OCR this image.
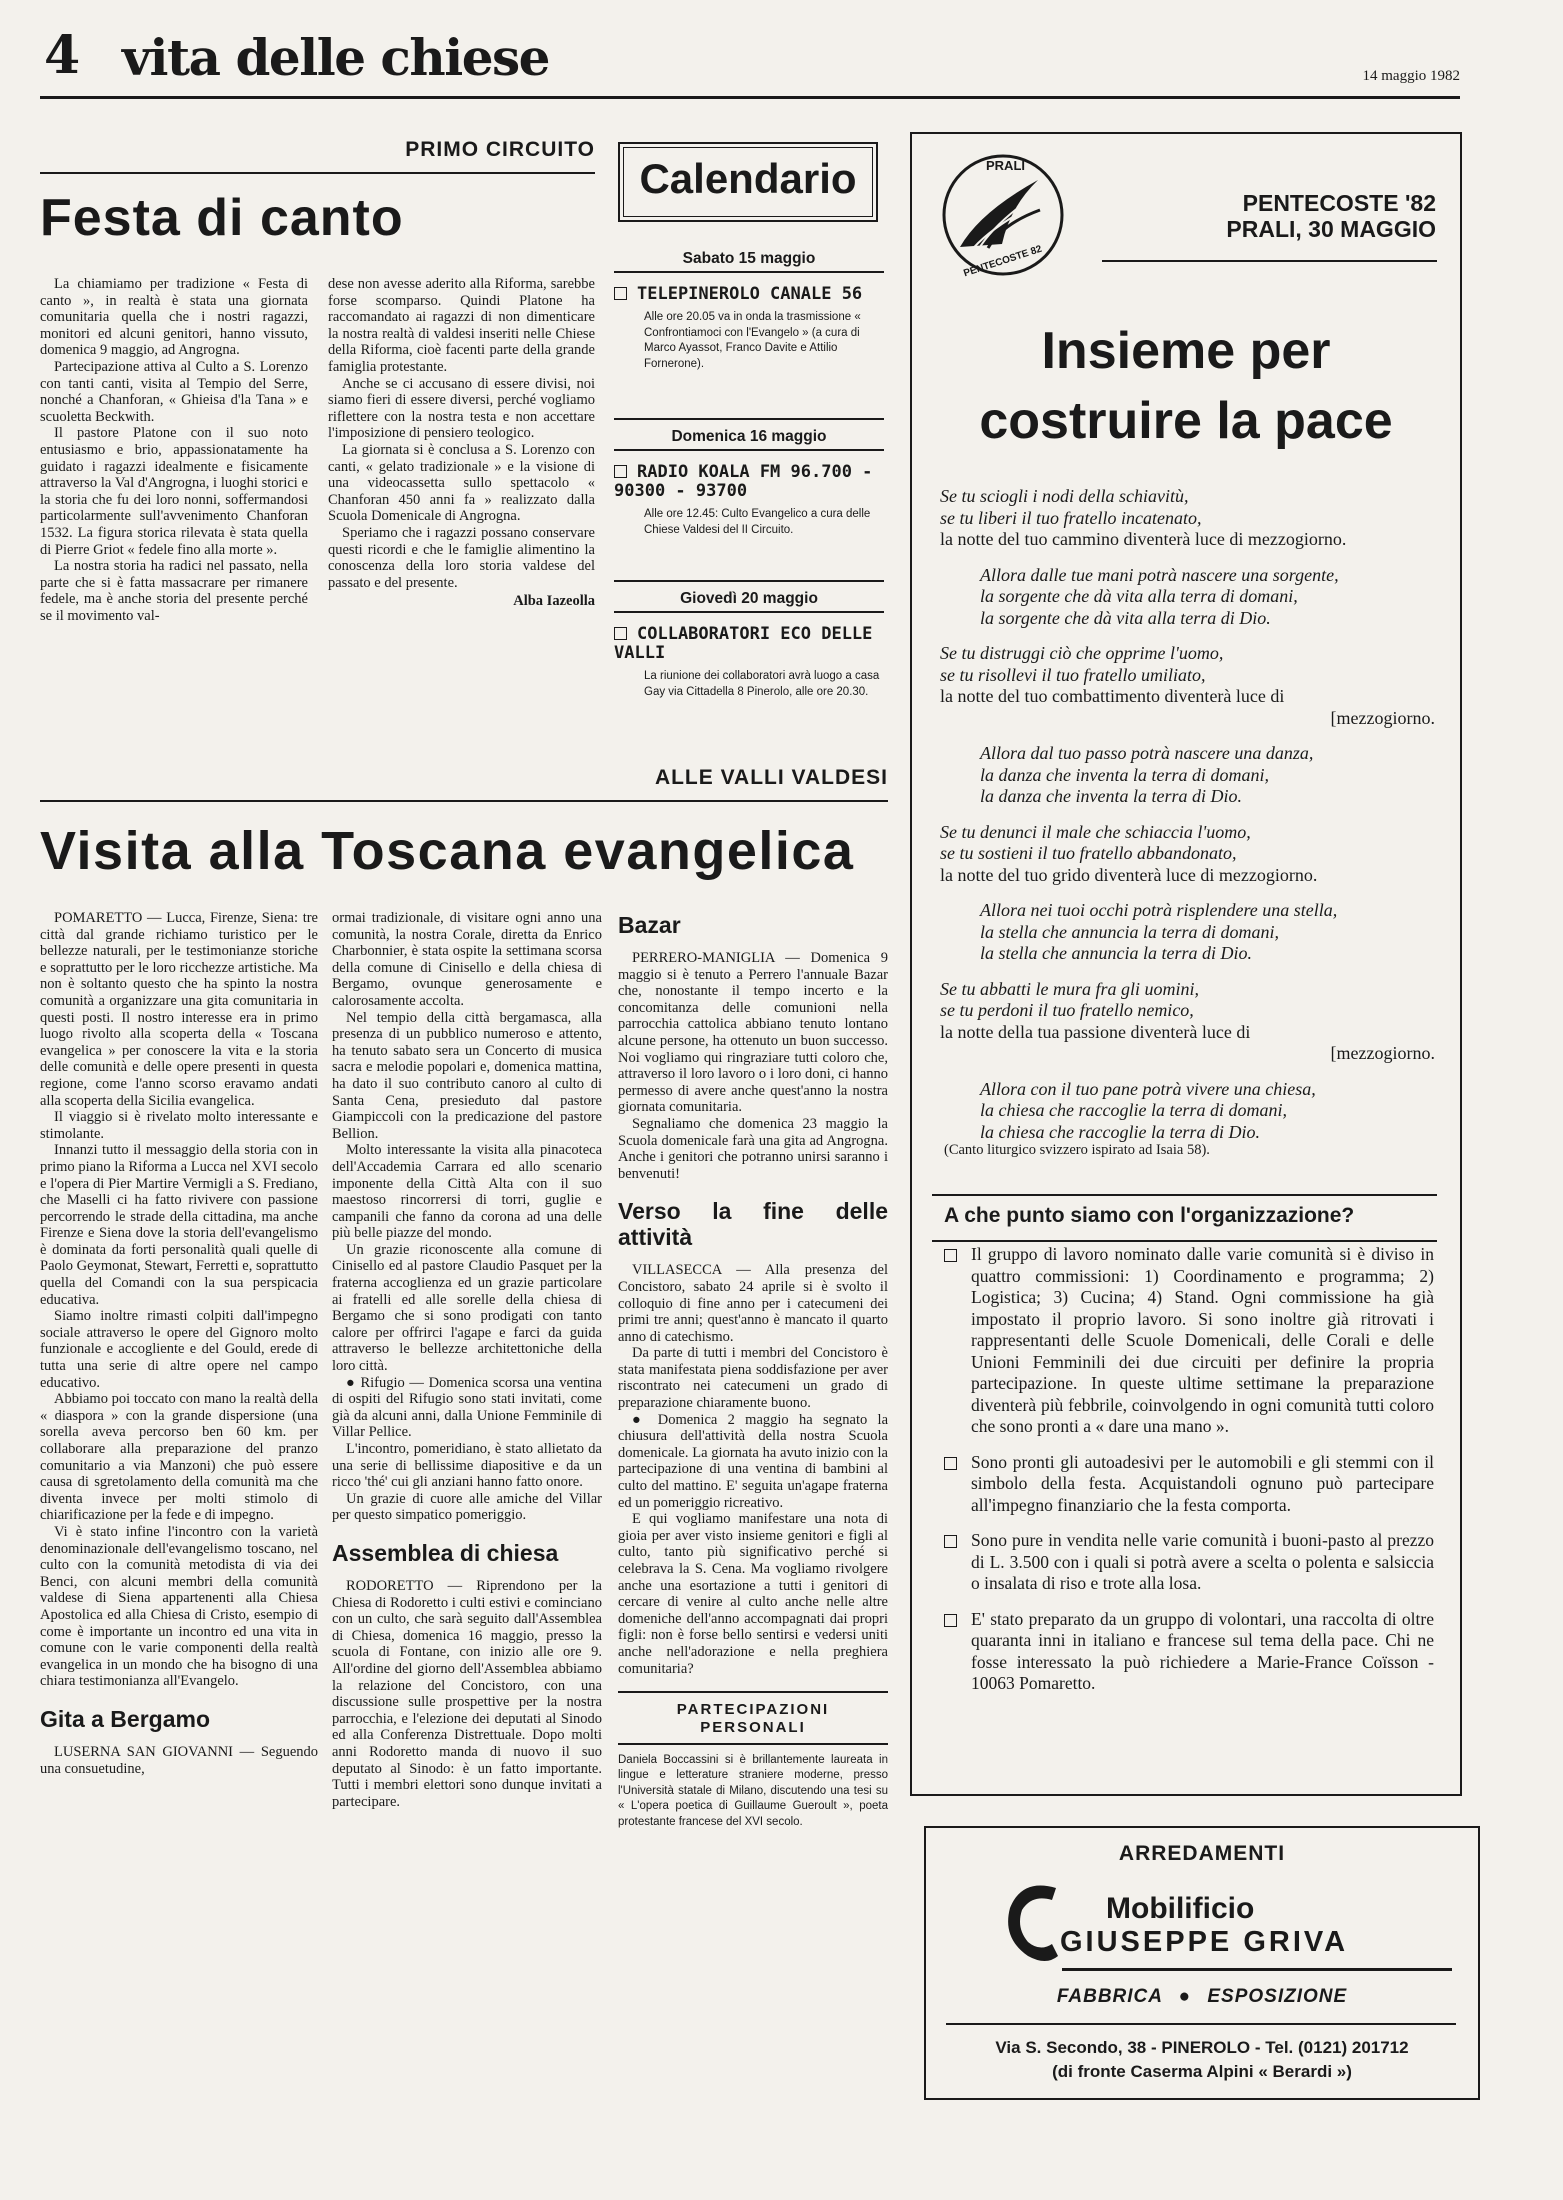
4 vita delle chiese	14 maggio 1982
PRIMO CIRCUITO
Festa di canto

La chiamiamo per tradizione « Festa di canto », in realtà è stata una giornata comunitaria quella che i nostri ragazzi, monitori ed alcuni genitori, hanno vissuto, domenica 9 maggio, ad Angrogna.

Partecipazione attiva al Culto a S. Lorenzo con tanti canti, visita al Tempio del Serre, nonché a Chanforan, « Ghieisa d'la Tana » e scuoletta Beckwith.

Il pastore Platone con il suo noto entusiasmo e brio, appassionatamente ha guidato i ragazzi idealmente e fisicamente attraverso la Val d'Angrogna, i luoghi storici e la storia che fu dei loro nonni, soffermandosi particolarmente sull'avvenimento Chanforan 1532. La figura storica rilevata è stata quella di Pierre Griot « fedele fino alla morte ».

La nostra storia ha radici nel passato, nella parte che si è fatta massacrare per rimanere fedele, ma è anche storia del presente perché se il movimento val-

dese non avesse aderito alla Riforma, sarebbe forse scomparso. Quindi Platone ha raccomandato ai ragazzi di non dimenticare la nostra realtà di valdesi inseriti nelle Chiese della Riforma, cioè facenti parte della grande famiglia protestante.

Anche se ci accusano di essere divisi, noi siamo fieri di essere diversi, perché vogliamo riflettere con la nostra testa e non accettare l'imposizione di pensiero teologico.

La giornata si è conclusa a S. Lorenzo con canti, « gelato tradizionale » e la visione di una videocassetta sullo spettacolo « Chanforan 450 anni fa » realizzato dalla Scuola Domenicale di Angrogna.

Speriamo che i ragazzi possano conservare questi ricordi e che le famiglie alimentino la conoscenza della loro storia valdese del passato e del presente.

Alba Iazeolla
Calendario
Sabato 15 maggio
TELEPINEROLO CANALE 56
Alle ore 20.05 va in onda la trasmissione « Confrontiamoci con l'Evangelo » (a cura di Marco Ayassot, Franco Davite e Attilio Fornerone).
Domenica 16 maggio
RADIO KOALA FM 96.700 - 90300 - 93700
Alle ore 12.45: Culto Evangelico a cura delle Chiese Valdesi del II Circuito.
Giovedì 20 maggio
COLLABORATORI ECO DELLE VALLI
La riunione dei collaboratori avrà luogo a casa Gay via Cittadella 8 Pinerolo, alle ore 20.30.
ALLE VALLI VALDESI
Visita alla Toscana evangelica

POMARETTO — Lucca, Firenze, Siena: tre città dal grande richiamo turistico per le bellezze naturali, per le testimonianze storiche e soprattutto per le loro ricchezze artistiche. Ma non è soltanto questo che ha spinto la nostra comunità a organizzare una gita comunitaria in questi posti. Il nostro interesse era in primo luogo rivolto alla scoperta della « Toscana evangelica » per conoscere la vita e la storia delle comunità e delle opere presenti in questa regione, come l'anno scorso eravamo andati alla scoperta della Sicilia evangelica.

Il viaggio si è rivelato molto interessante e stimolante.

Innanzi tutto il messaggio della storia con in primo piano la Riforma a Lucca nel XVI secolo e l'opera di Pier Martire Vermigli a S. Frediano, che Maselli ci ha fatto rivivere con passione percorrendo le strade della cittadina, ma anche Firenze e Siena dove la storia dell'evangelismo è dominata da forti personalità quali quelle di Paolo Geymonat, Stewart, Ferretti e, soprattutto quella del Comandi con la sua perspicacia educativa.

Siamo inoltre rimasti colpiti dall'impegno sociale attraverso le opere del Gignoro molto funzionale e accogliente e del Gould, erede di tutta una serie di altre opere nel campo educativo.

Abbiamo poi toccato con mano la realtà della « diaspora » con la grande dispersione (una sorella aveva percorso ben 60 km. per collaborare alla preparazione del pranzo comunitario a via Manzoni) che può essere causa di sgretolamento della comunità ma che diventa invece per molti stimolo di chiarificazione per la fede e di impegno.

Vi è stato infine l'incontro con la varietà denominazionale dell'evangelismo toscano, nel culto con la comunità metodista di via dei Benci, con alcuni membri della comunità valdese di Siena appartenenti alla Chiesa Apostolica ed alla Chiesa di Cristo, esempio di come è importante un incontro ed una vita in comune con le varie componenti della realtà evangelica in un mondo che ha bisogno di una chiara testimonianza all'Evangelo.

Gita a Bergamo

LUSERNA SAN GIOVANNI — Seguendo una consuetudine,

ormai tradizionale, di visitare ogni anno una comunità, la nostra Corale, diretta da Enrico Charbonnier, è stata ospite la settimana scorsa della comune di Cinisello e della chiesa di Bergamo, ovunque generosamente e calorosamente accolta.

Nel tempio della città bergamasca, alla presenza di un pubblico numeroso e attento, ha tenuto sabato sera un Concerto di musica sacra e melodie popolari e, domenica mattina, ha dato il suo contributo canoro al culto di Santa Cena, presieduto dal pastore Giampiccoli con la predicazione del pastore Bellion.

Molto interessante la visita alla pinacoteca dell'Accademia Carrara ed allo scenario imponente della Città Alta con il suo maestoso rincorrersi di torri, guglie e campanili che fanno da corona ad una delle più belle piazze del mondo.

Un grazie riconoscente alla comune di Cinisello ed al pastore Claudio Pasquet per la fraterna accoglienza ed un grazie particolare ai fratelli ed alle sorelle della chiesa di Bergamo che si sono prodigati con tanto calore per offrirci l'agape e farci da guida attraverso le bellezze architettoniche della loro città.

● Rifugio — Domenica scorsa una ventina di ospiti del Rifugio sono stati invitati, come già da alcuni anni, dalla Unione Femminile di Villar Pellice.

L'incontro, pomeridiano, è stato allietato da una serie di bellissime diapositive e da un ricco 'thé' cui gli anziani hanno fatto onore.

Un grazie di cuore alle amiche del Villar per questo simpatico pomeriggio.

Assemblea di chiesa

RODORETTO — Riprendono per la Chiesa di Rodoretto i culti estivi e cominciano con un culto, che sarà seguito dall'Assemblea di Chiesa, domenica 16 maggio, presso la scuola di Fontane, con inizio alle ore 9. All'ordine del giorno dell'Assemblea abbiamo la relazione del Concistoro, con una discussione sulle prospettive per la nostra parrocchia, e l'elezione dei deputati al Sinodo ed alla Conferenza Distrettuale. Dopo molti anni Rodoretto manda di nuovo il suo deputato al Sinodo: è un fatto importante. Tutti i membri elettori sono dunque invitati a partecipare.

Bazar

PERRERO-MANIGLIA — Domenica 9 maggio si è tenuto a Perrero l'annuale Bazar che, nonostante il tempo incerto e la concomitanza delle comunioni nella parrocchia cattolica abbiano tenuto lontano alcune persone, ha ottenuto un buon successo. Noi vogliamo qui ringraziare tutti coloro che, attraverso il loro lavoro o i loro doni, ci hanno permesso di avere anche quest'anno la nostra giornata comunitaria.

Segnaliamo che domenica 23 maggio la Scuola domenicale farà una gita ad Angrogna. Anche i genitori che potranno unirsi saranno i benvenuti!

Verso la fine delle attività

VILLASECCA — Alla presenza del Concistoro, sabato 24 aprile si è svolto il colloquio di fine anno per i catecumeni dei primi tre anni; quest'anno è mancato il quarto anno di catechismo.

Da parte di tutti i membri del Concistoro è stata manifestata piena soddisfazione per aver riscontrato nei catecumeni un grado di preparazione chiaramente buono.

● Domenica 2 maggio ha segnato la chiusura dell'attività della nostra Scuola domenicale. La giornata ha avuto inizio con la partecipazione di una ventina di bambini al culto del mattino. E' seguita un'agape fraterna ed un pomeriggio ricreativo.

E qui vogliamo manifestare una nota di gioia per aver visto insieme genitori e figli al culto, tanto più significativo perché si celebrava la S. Cena. Ma vogliamo rivolgere anche una esortazione a tutti i genitori di cercare di venire al culto anche nelle altre domeniche dell'anno accompagnati dai propri figli: non è forse bello sentirsi e vedersi uniti anche nell'adorazione e nella preghiera comunitaria?

PARTECIPAZIONI PERSONALI
Daniela Boccassini si è brillantemente laureata in lingue e letterature straniere moderne, presso l'Università statale di Milano, discutendo una tesi su « L'opera poetica di Guillaume Gueroult », poeta protestante francese del XVI secolo.
PRALI
PENTECOSTE 82
PENTECOSTE '82
PRALI, 30 MAGGIO
Insieme per
costruire la pace
Se tu sciogli i nodi della schiavitù,
se tu liberi il tuo fratello incatenato,
la notte del tuo cammino diventerà luce di mezzogiorno.
Allora dalle tue mani potrà nascere una sorgente,
la sorgente che dà vita alla terra di domani,
la sorgente che dà vita alla terra di Dio.
Se tu distruggi ciò che opprime l'uomo,
se tu risollevi il tuo fratello umiliato,
la notte del tuo combattimento diventerà luce di
[mezzogiorno.
Allora dal tuo passo potrà nascere una danza,
la danza che inventa la terra di domani,
la danza che inventa la terra di Dio.
Se tu denunci il male che schiaccia l'uomo,
se tu sostieni il tuo fratello abbandonato,
la notte del tuo grido diventerà luce di mezzogiorno.
Allora nei tuoi occhi potrà risplendere una stella,
la stella che annuncia la terra di domani,
la stella che annuncia la terra di Dio.
Se tu abbatti le mura fra gli uomini,
se tu perdoni il tuo fratello nemico,
la notte della tua passione diventerà luce di
[mezzogiorno.
Allora con il tuo pane potrà vivere una chiesa,
la chiesa che raccoglie la terra di domani,
la chiesa che raccoglie la terra di Dio.
(Canto liturgico svizzero ispirato ad Isaia 58).
A che punto siamo con l'organizzazione?
Il gruppo di lavoro nominato dalle varie comunità si è diviso in quattro commissioni: 1) Coordinamento e programma; 2) Logistica; 3) Cucina; 4) Stand. Ogni commissione ha già impostato il proprio lavoro. Si sono inoltre già ritrovati i rappresentanti delle Scuole Domenicali, delle Corali e delle Unioni Femminili dei due circuiti per definire la propria partecipazione. In queste ultime settimane la preparazione diventerà più febbrile, coinvolgendo in ogni comunità tutti coloro che sono pronti a « dare una mano ».
Sono pronti gli autoadesivi per le automobili e gli stemmi con il simbolo della festa. Acquistandoli ognuno può partecipare all'impegno finanziario che la festa comporta.
Sono pure in vendita nelle varie comunità i buoni-pasto al prezzo di L. 3.500 con i quali si potrà avere a scelta o polenta e salsiccia o insalata di riso e trote alla losa.
E' stato preparato da un gruppo di volontari, una raccolta di oltre quaranta inni in italiano e francese sul tema della pace. Chi ne fosse interessato la può richiedere a Marie-France Coïsson - 10063 Pomaretto.
ARREDAMENTI
Mobilificio
GIUSEPPE GRIVA
FABBRICA ● ESPOSIZIONE
Via S. Secondo, 38 - PINEROLO - Tel. (0121) 201712
(di fronte Caserma Alpini « Berardi »)
